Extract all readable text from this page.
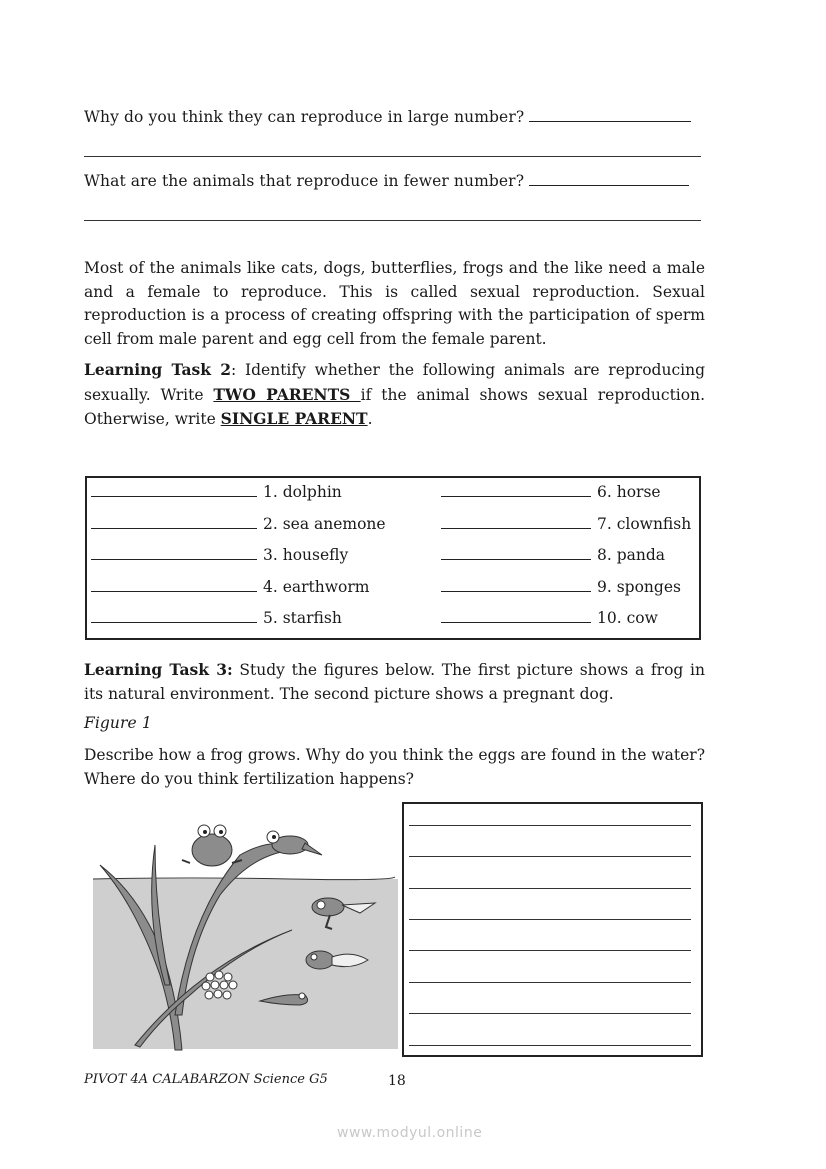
Why do you think they can reproduce in large number?
What are the animals that reproduce in fewer number?
Most of the animals like cats, dogs, butterflies, frogs and the like need a male and a female to reproduce. This is called sexual reproduction. Sexual reproduction is a process of creating offspring with the participation of sperm cell from male parent and egg cell from the female parent.
Learning Task 2: Identify whether the following animals are reproducing sexually. Write TWO PARENTS if the animal shows sexual reproduction. Otherwise, write SINGLE PARENT.
1. dolphin
2. sea anemone
3. housefly
4. earthworm
5. starfish
6. horse
7. clownfish
8. panda
9. sponges
10. cow
Learning Task 3: Study the figures below. The first picture shows a frog in its natural environment. The second picture shows a pregnant dog.
Figure 1
Describe how a frog grows. Why do you think the eggs are found in the water? Where do you think fertilization happens?
PIVOT 4A CALABARZON Science G5	18
www.modyul.online
